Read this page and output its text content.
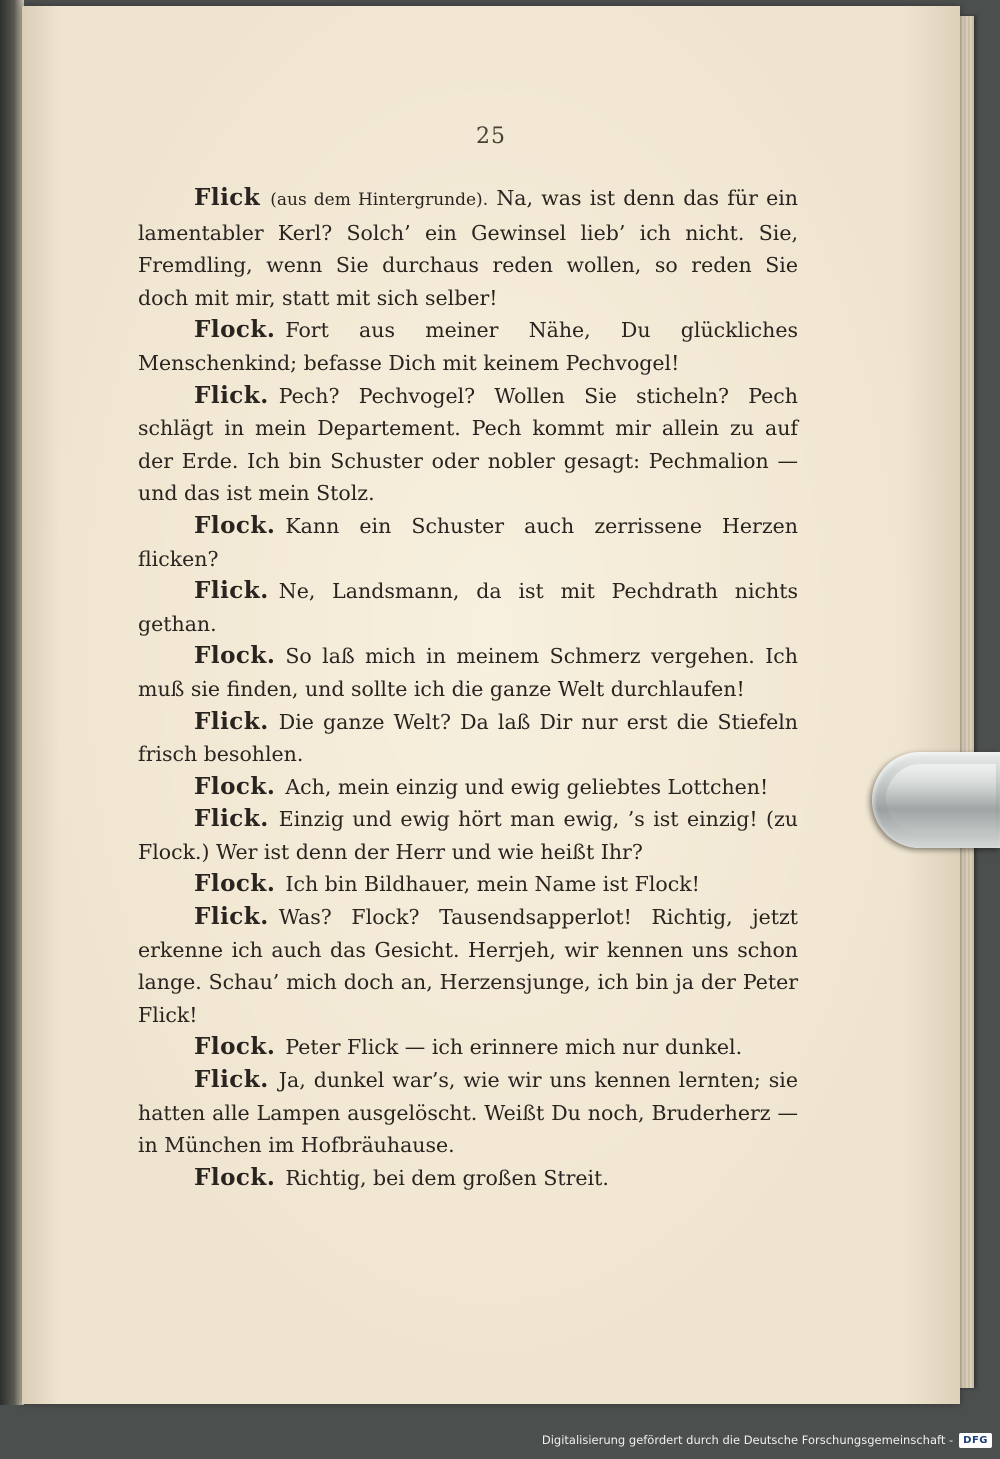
25

Flick (aus dem Hintergrunde). Na, was ist denn das für ein lamentabler Kerl? Solch’ ein Gewinsel lieb’ ich nicht. Sie, Fremdling, wenn Sie durchaus reden wollen, so reden Sie doch mit mir, statt mit sich selber!

Flock. Fort aus meiner Nähe, Du glückliches Menschenkind; befasse Dich mit keinem Pechvogel!

Flick. Pech? Pechvogel? Wollen Sie sticheln? Pech schlägt in mein Departement. Pech kommt mir allein zu auf der Erde. Ich bin Schuster oder nobler gesagt: Pechmalion — und das ist mein Stolz.

Flock. Kann ein Schuster auch zerrissene Herzen flicken?

Flick. Ne, Landsmann, da ist mit Pechdrath nichts gethan.

Flock. So laß mich in meinem Schmerz vergehen. Ich muß sie finden, und sollte ich die ganze Welt durchlaufen!

Flick. Die ganze Welt? Da laß Dir nur erst die Stiefeln frisch besohlen.

Flock. Ach, mein einzig und ewig geliebtes Lottchen!

Flick. Einzig und ewig hört man ewig, ’s ist einzig! (zu Flock.) Wer ist denn der Herr und wie heißt Ihr?

Flock. Ich bin Bildhauer, mein Name ist Flock!

Flick. Was? Flock? Tausendsapperlot! Richtig, jetzt erkenne ich auch das Gesicht. Herrjeh, wir kennen uns schon lange. Schau’ mich doch an, Herzensjunge, ich bin ja der Peter Flick!

Flock. Peter Flick — ich erinnere mich nur dunkel.

Flick. Ja, dunkel war’s, wie wir uns kennen lernten; sie hatten alle Lampen ausgelöscht. Weißt Du noch, Bruderherz — in München im Hofbräuhause.

Flock. Richtig, bei dem großen Streit.

Digitalisierung gefördert durch die Deutsche Forschungsgemeinschaft -	DFG
